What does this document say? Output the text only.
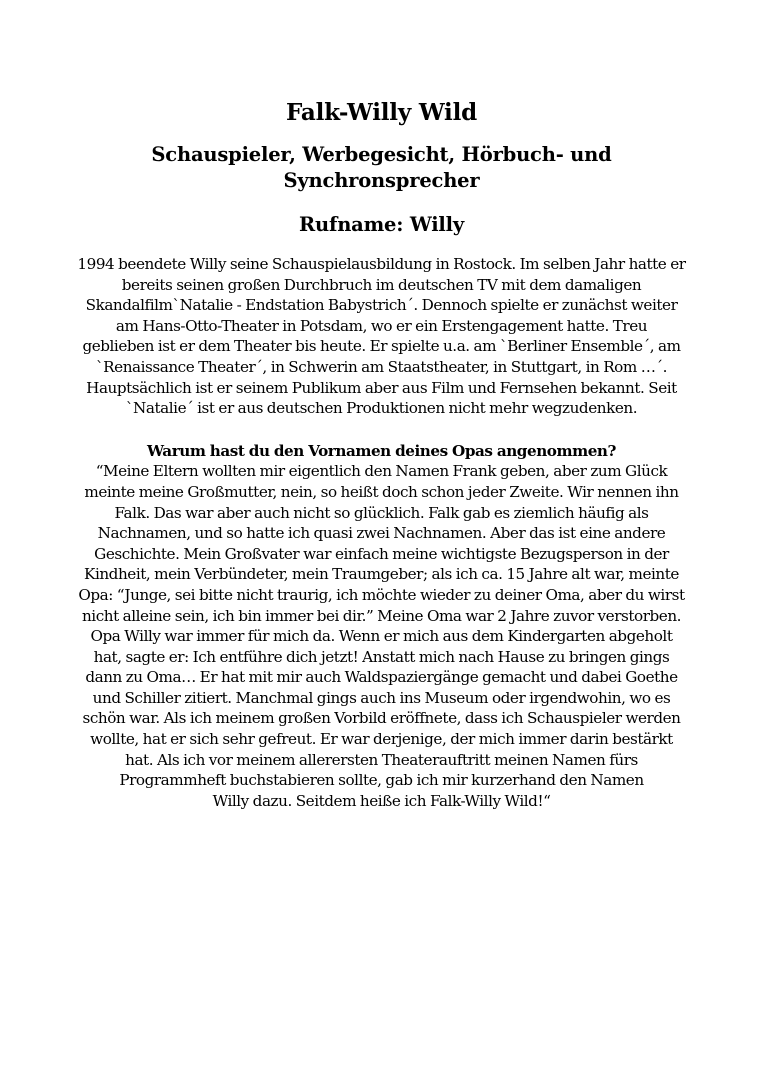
Falk-Willy Wild
Schauspieler, Werbegesicht, Hörbuch- und
Synchronsprecher
Rufname: Willy

1994 beendete Willy seine Schauspielausbildung in Rostock. Im selben Jahr hatte er
bereits seinen großen Durchbruch im deutschen TV mit dem damaligen
Skandalfilm`Natalie - Endstation Babystrich´. Dennoch spielte er zunächst weiter
am Hans-Otto-Theater in Potsdam, wo er ein Erstengagement hatte. Treu
geblieben ist er dem Theater bis heute. Er spielte u.a. am `Berliner Ensemble´, am
`Renaissance Theater´, in Schwerin am Staatstheater, in Stuttgart, in Rom …´.
Hauptsächlich ist er seinem Publikum aber aus Film und Fernsehen bekannt. Seit
`Natalie´ ist er aus deutschen Produktionen nicht mehr wegzudenken.

Warum hast du den Vornamen deines Opas angenommen?

“Meine Eltern wollten mir eigentlich den Namen Frank geben, aber zum Glück
meinte meine Großmutter, nein, so heißt doch schon jeder Zweite. Wir nennen ihn
Falk. Das war aber auch nicht so glücklich. Falk gab es ziemlich häufig als
Nachnamen, und so hatte ich quasi zwei Nachnamen. Aber das ist eine andere
Geschichte. Mein Großvater war einfach meine wichtigste Bezugsperson in der
Kindheit, mein Verbündeter, mein Traumgeber; als ich ca. 15 Jahre alt war, meinte
Opa: “Junge, sei bitte nicht traurig, ich möchte wieder zu deiner Oma, aber du wirst
nicht alleine sein, ich bin immer bei dir.” Meine Oma war 2 Jahre zuvor verstorben.
Opa Willy war immer für mich da. Wenn er mich aus dem Kindergarten abgeholt
hat, sagte er: Ich entführe dich jetzt! Anstatt mich nach Hause zu bringen gings
dann zu Oma… Er hat mit mir auch Waldspaziergänge gemacht und dabei Goethe
und Schiller zitiert. Manchmal gings auch ins Museum oder irgendwohin, wo es
schön war. Als ich meinem großen Vorbild eröffnete, dass ich Schauspieler werden
wollte, hat er sich sehr gefreut. Er war derjenige, der mich immer darin bestärkt
hat. Als ich vor meinem allerersten Theaterauftritt meinen Namen fürs
Programmheft buchstabieren sollte, gab ich mir kurzerhand den Namen
Willy dazu. Seitdem heiße ich Falk-Willy Wild!“
